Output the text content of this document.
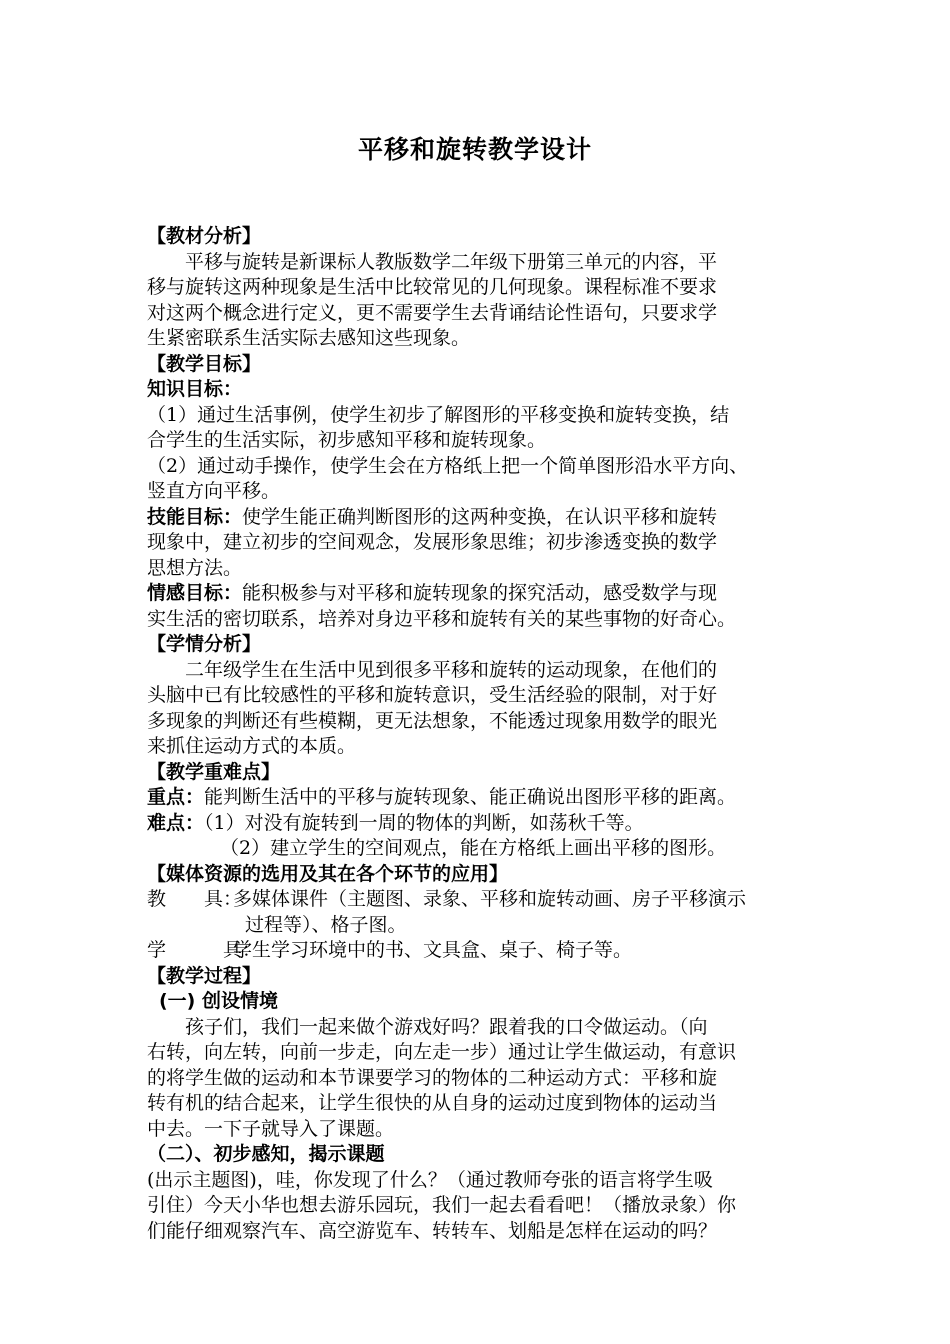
平移和旋转教学设计
【教材分析】
平移与旋转是新课标人教版数学二年级下册第三单元的内容，平
移与旋转这两种现象是生活中比较常见的几何现象。课程标准不要求
对这两个概念进行定义，更不需要学生去背诵结论性语句，只要求学
生紧密联系生活实际去感知这些现象。
【教学目标】
知识目标：
（1）通过生活事例，使学生初步了解图形的平移变换和旋转变换，结
合学生的生活实际，初步感知平移和旋转现象。
（2）通过动手操作，使学生会在方格纸上把一个简单图形沿水平方向、
竖直方向平移。
技能目标：使学生能正确判断图形的这两种变换，在认识平移和旋转
现象中，建立初步的空间观念，发展形象思维；初步渗透变换的数学
思想方法。
情感目标：能积极参与对平移和旋转现象的探究活动，感受数学与现
实生活的密切联系，培养对身边平移和旋转有关的某些事物的好奇心。
【学情分析】
二年级学生在生活中见到很多平移和旋转的运动现象，在他们的
头脑中已有比较感性的平移和旋转意识，受生活经验的限制，对于好
多现象的判断还有些模糊，更无法想象，不能透过现象用数学的眼光
来抓住运动方式的本质。
【教学重难点】
重点：能判断生活中的平移与旋转现象、能正确说出图形平移的距离。
难点：（1）对没有旋转到一周的物体的判断，如荡秋千等。
（2）建立学生的空间观点，能在方格纸上画出平移的图形。
【媒体资源的选用及其在各个环节的应用】
教　　具：多媒体课件（主题图、录象、平移和旋转动画、房子平移演示
过程等）、格子图。
学　　　具：学生学习环境中的书、文具盒、桌子、椅子等。
【教学过程】
(一) 创设情境
孩子们，我们一起来做个游戏好吗？跟着我的口令做运动。（向
右转，向左转，向前一步走，向左走一步）通过让学生做运动，有意识
的将学生做的运动和本节课要学习的物体的二种运动方式：平移和旋
转有机的结合起来，让学生很快的从自身的运动过度到物体的运动当
中去。一下子就导入了课题。
（二）、初步感知，揭示课题
(出示主题图)，哇，你发现了什么？（通过教师夸张的语言将学生吸
引住）今天小华也想去游乐园玩，我们一起去看看吧！（播放录象）你
们能仔细观察汽车、高空游览车、转转车、划船是怎样在运动的吗？
